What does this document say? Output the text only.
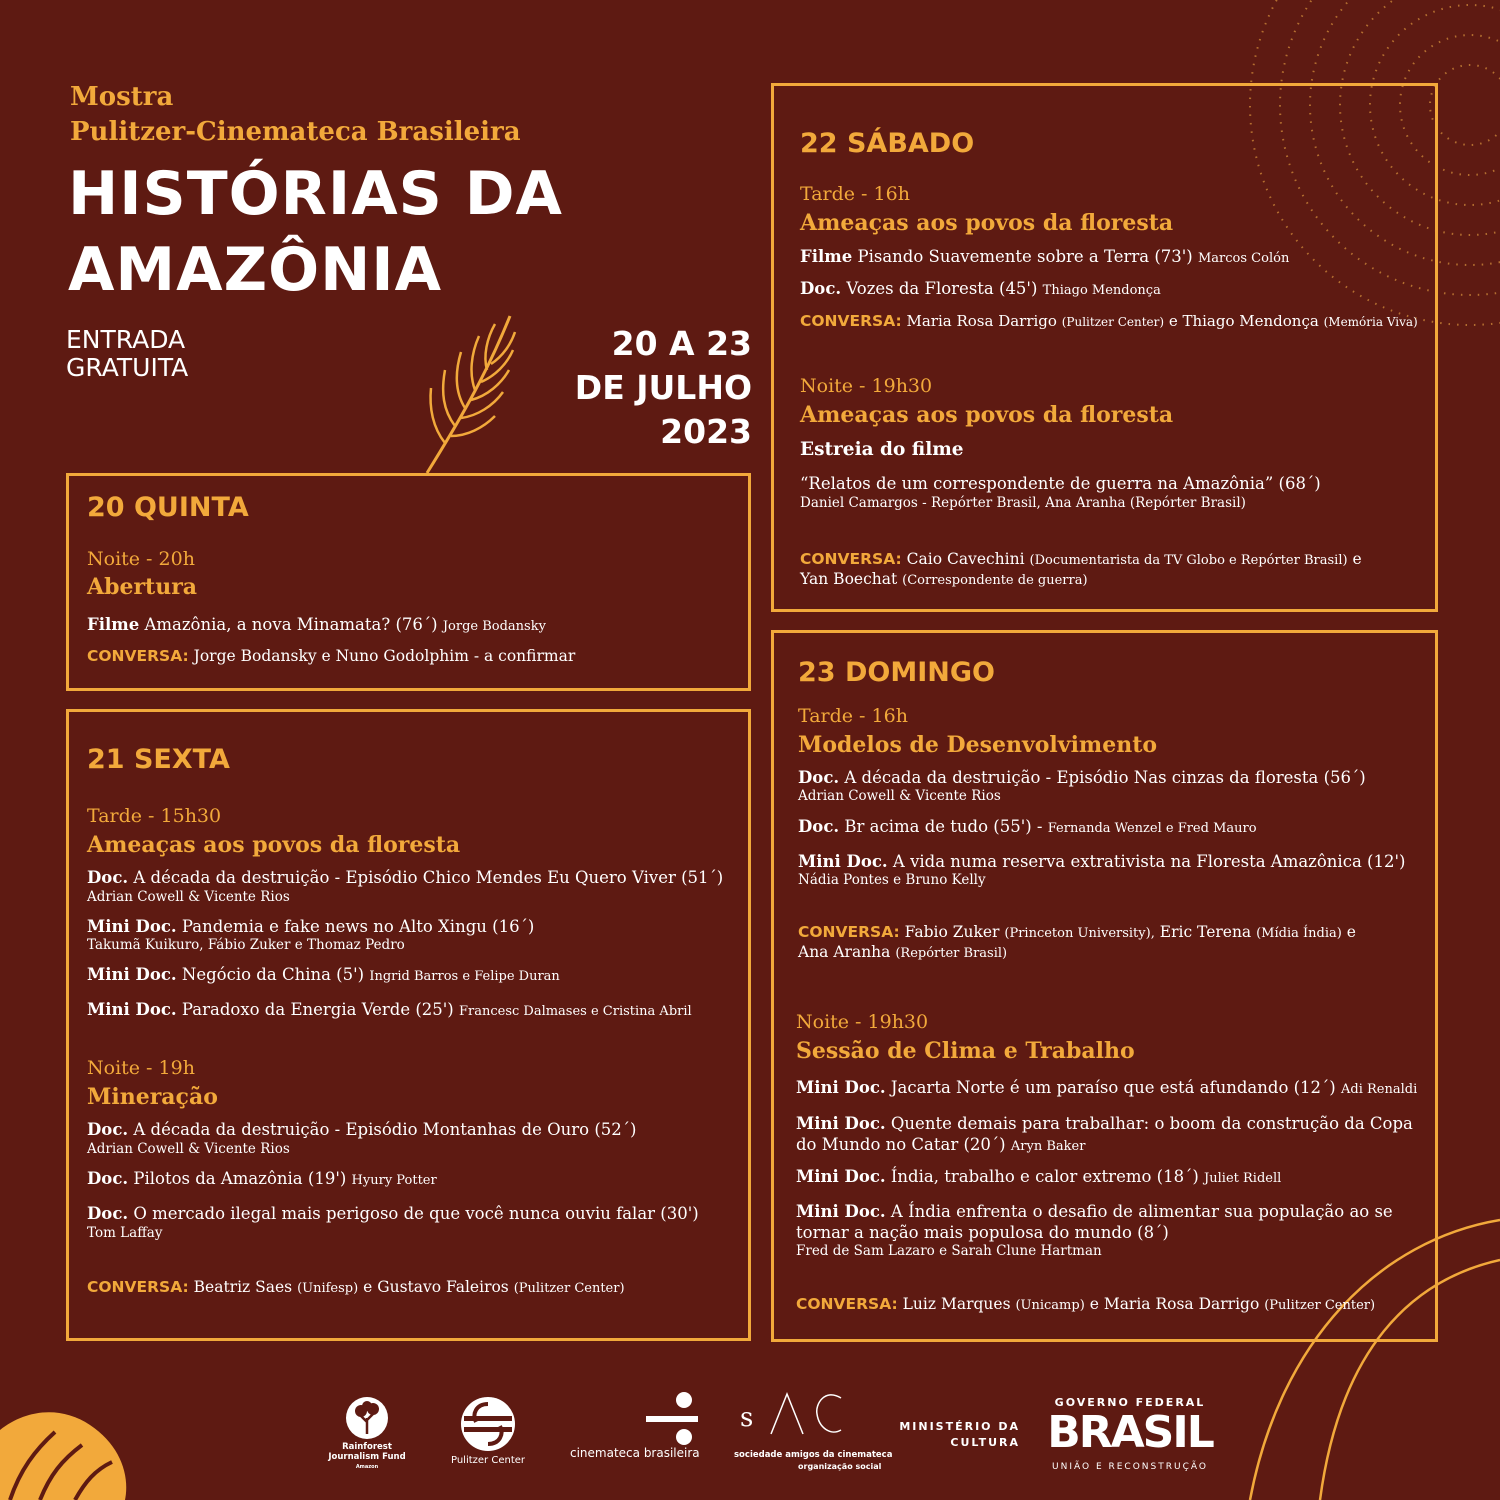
Mostra
Pulitzer-Cinemateca Brasileira
HISTÓRIAS DA
AMAZÔNIA
ENTRADA
GRATUITA
20 A 23
DE JULHO
2023
20 QUINTA
Noite - 20h
Abertura
Filme Amazônia, a nova Minamata? (76´) Jorge Bodansky
CONVERSA: Jorge Bodansky e Nuno Godolphim - a confirmar
21 SEXTA
Tarde - 15h30
Ameaças aos povos da floresta
Doc. A década da destruição - Episódio Chico Mendes Eu Quero Viver (51´)
Adrian Cowell & Vicente Rios
Mini Doc. Pandemia e fake news no Alto Xingu (16´)
Takumã Kuikuro, Fábio Zuker e Thomaz Pedro
Mini Doc. Negócio da China (5') Ingrid Barros e Felipe Duran
Mini Doc. Paradoxo da Energia Verde (25') Francesc Dalmases e Cristina Abril
Noite - 19h
Mineração
Doc. A década da destruição - Episódio Montanhas de Ouro (52´)
Adrian Cowell & Vicente Rios
Doc. Pilotos da Amazônia (19') Hyury Potter
Doc. O mercado ilegal mais perigoso de que você nunca ouviu falar (30')
Tom Laffay
CONVERSA: Beatriz Saes (Unifesp) e Gustavo Faleiros (Pulitzer Center)
22 SÁBADO
Tarde - 16h
Ameaças aos povos da floresta
Filme Pisando Suavemente sobre a Terra (73') Marcos Colón
Doc. Vozes da Floresta (45') Thiago Mendonça
CONVERSA: Maria Rosa Darrigo (Pulitzer Center) e Thiago Mendonça (Memória Viva)
Noite - 19h30
Ameaças aos povos da floresta
Estreia do filme
“Relatos de um correspondente de guerra na Amazônia” (68´)
Daniel Camargos - Repórter Brasil, Ana Aranha (Repórter Brasil)
CONVERSA: Caio Cavechini (Documentarista da TV Globo e Repórter Brasil) e
Yan Boechat (Correspondente de guerra)
23 DOMINGO
Tarde - 16h
Modelos de Desenvolvimento
Doc. A década da destruição - Episódio Nas cinzas da floresta (56´)
Adrian Cowell & Vicente Rios
Doc. Br acima de tudo (55') - Fernanda Wenzel e Fred Mauro
Mini Doc. A vida numa reserva extrativista na Floresta Amazônica (12')
Nádia Pontes e Bruno Kelly
CONVERSA: Fabio Zuker (Princeton University), Eric Terena (Mídia Índia) e
Ana Aranha (Repórter Brasil)
Noite - 19h30
Sessão de Clima e Trabalho
Mini Doc. Jacarta Norte é um paraíso que está afundando (12´) Adi Renaldi
Mini Doc. Quente demais para trabalhar: o boom da construção da Copa
do Mundo no Catar (20´) Aryn Baker
Mini Doc. Índia, trabalho e calor extremo (18´) Juliet Ridell
Mini Doc. A Índia enfrenta o desafio de alimentar sua população ao se
tornar a nação mais populosa do mundo (8´)
Fred de Sam Lazaro e Sarah Clune Hartman
CONVERSA: Luiz Marques (Unicamp) e Maria Rosa Darrigo (Pulitzer Center)
Rainforest
Journalism Fund
Amazon
Pulitzer Center
cinemateca brasileira
s
sociedade amigos da cinemateca
organização social
MINISTÉRIO DA
CULTURA
GOVERNO FEDERAL
BRASIL
UNIÃO E RECONSTRUÇÃO
